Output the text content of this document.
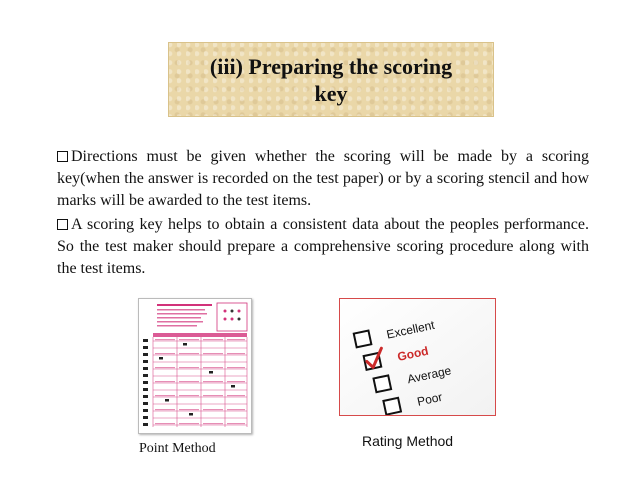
(iii) Preparing the scoring
key

Directions must be given whether the scoring will be made by a scoring key(when the answer is recorded on the test paper) or by a scoring stencil and how marks will be awarded to the test items.

A scoring key helps to obtain a consistent data about the peoples performance. So the test maker should prepare a comprehensive scoring procedure along with the test items.

Excellent
Good
Average
Poor
Point Method	Rating Method
